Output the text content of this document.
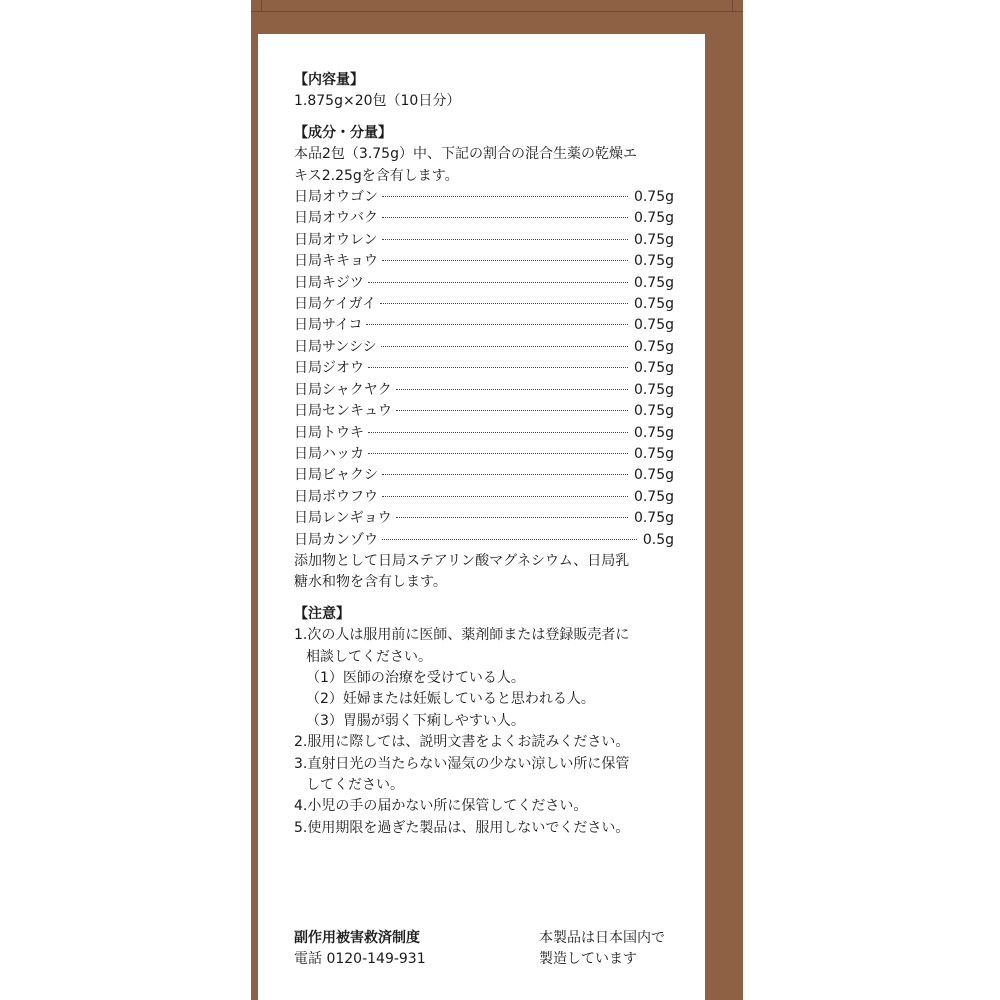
【内容量】
1.875g×20包（10日分）
【成分・分量】
本品2包（3.75g）中、下記の割合の混合生薬の乾燥エ
キス2.25gを含有します。
日局オウゴン	0.75g
日局オウバク	0.75g
日局オウレン	0.75g
日局キキョウ	0.75g
日局キジツ	0.75g
日局ケイガイ	0.75g
日局サイコ	0.75g
日局サンシシ	0.75g
日局ジオウ	0.75g
日局シャクヤク	0.75g
日局センキュウ	0.75g
日局トウキ	0.75g
日局ハッカ	0.75g
日局ビャクシ	0.75g
日局ボウフウ	0.75g
日局レンギョウ	0.75g
日局カンゾウ	0.5g
添加物として日局ステアリン酸マグネシウム、日局乳
糖水和物を含有します。
【注意】
1.次の人は服用前に医師、薬剤師または登録販売者に
相談してください。
（1）医師の治療を受けている人。
（2）妊婦または妊娠していると思われる人。
（3）胃腸が弱く下痢しやすい人。
2.服用に際しては、説明文書をよくお読みください。
3.直射日光の当たらない湿気の少ない涼しい所に保管
してください。
4.小児の手の届かない所に保管してください。
5.使用期限を過ぎた製品は、服用しないでください。
副作用被害救済制度
電話 0120-149-931
本製品は日本国内で
製造しています
